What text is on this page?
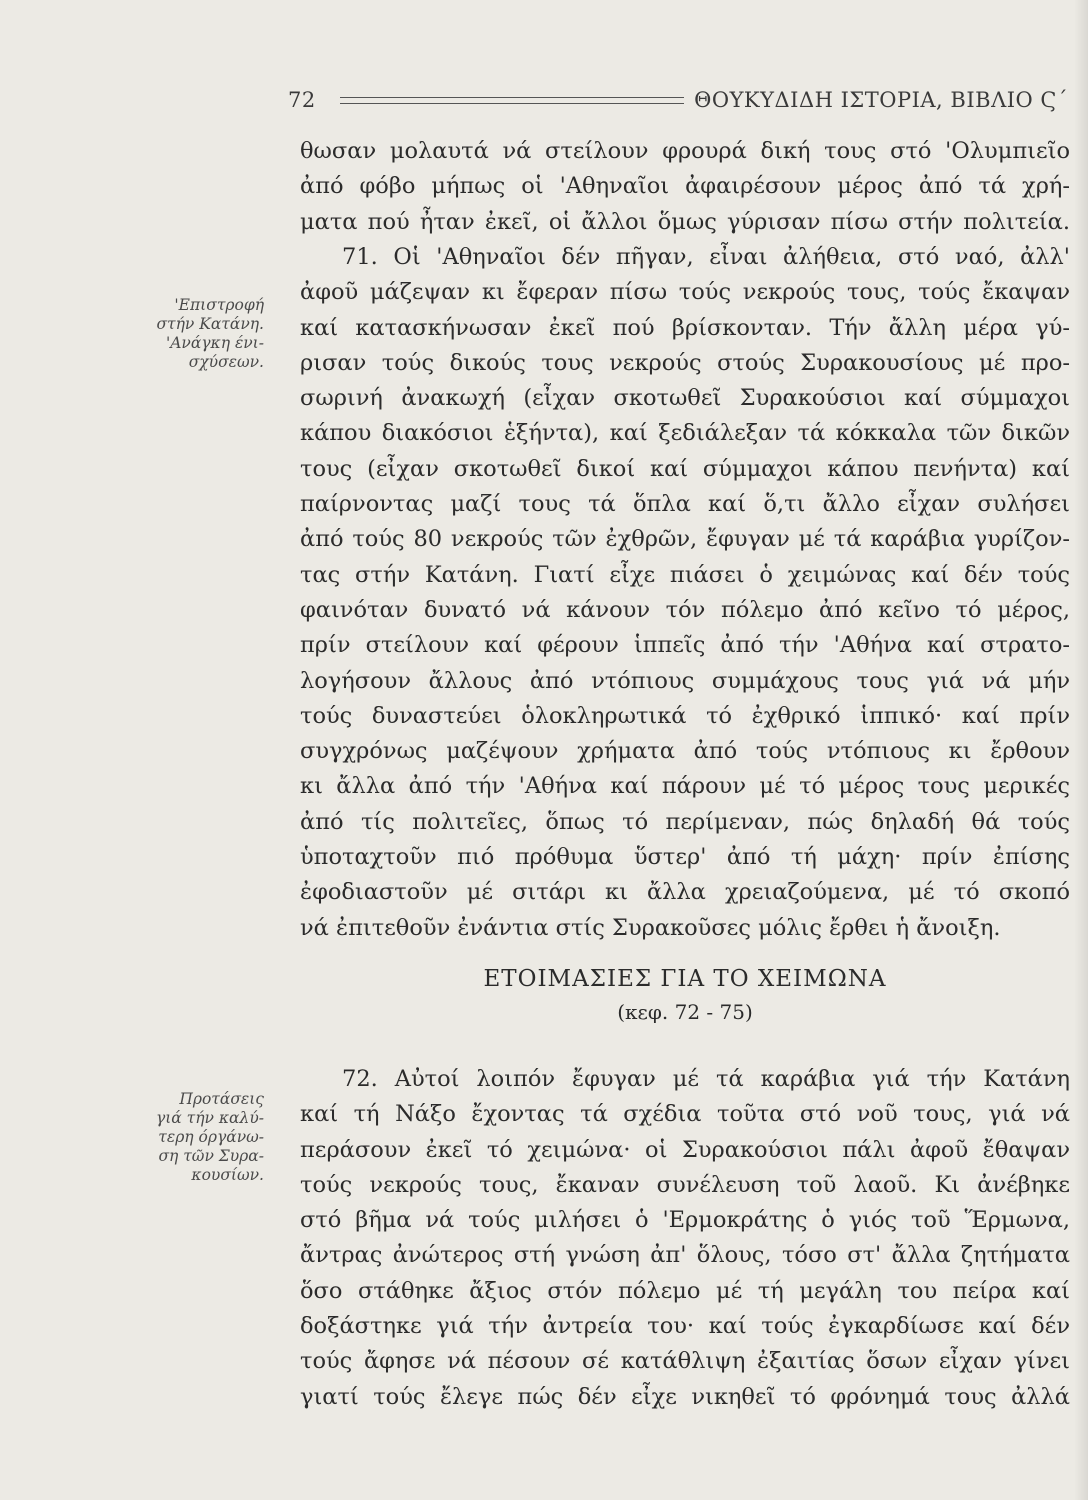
72	ΘΟΥΚΥΔΙΔΗ ΙΣΤΟΡΙΑ, ΒΙΒΛΙΟ Ϛ΄
'Επιστροφή
στήν Κατάνη.
'Ανάγκη ένι-
σχύσεων.
Προτάσεις
γιά τήν καλύ-
τερη όργάνω-
ση τῶν Συρα-
κουσίων.
θωσαν μολαυτά νά στείλουν φρουρά δική τους στό 'Ολυμπιεῖο
ἀπό φόβο μήπως οἱ 'Αθηναῖοι ἀφαιρέσουν μέρος ἀπό τά χρή-
ματα πού ἦταν ἐκεῖ, οἱ ἄλλοι ὅμως γύρισαν πίσω στήν πολιτεία.
71. Οἱ 'Αθηναῖοι δέν πῆγαν, εἶναι ἀλήθεια, στό ναό, ἀλλ'
ἀφοῦ μάζεψαν κι ἔφεραν πίσω τούς νεκρούς τους, τούς ἔκαψαν
καί κατασκήνωσαν ἐκεῖ πού βρίσκονταν. Τήν ἄλλη μέρα γύ-
ρισαν τούς δικούς τους νεκρούς στούς Συρακουσίους μέ προ-
σωρινή ἀνακωχή (εἶχαν σκοτωθεῖ Συρακούσιοι καί σύμμαχοι
κάπου διακόσιοι ἑξήντα), καί ξεδιάλεξαν τά κόκκαλα τῶν δικῶν
τους (εἶχαν σκοτωθεῖ δικοί καί σύμμαχοι κάπου πενήντα) καί
παίρνοντας μαζί τους τά ὅπλα καί ὅ,τι ἄλλο εἶχαν συλήσει
ἀπό τούς 80 νεκρούς τῶν ἐχθρῶν, ἔφυγαν μέ τά καράβια γυρίζον-
τας στήν Κατάνη. Γιατί εἶχε πιάσει ὁ χειμώνας καί δέν τούς
φαινόταν δυνατό νά κάνουν τόν πόλεμο ἀπό κεῖνο τό μέρος,
πρίν στείλουν καί φέρουν ἱππεῖς ἀπό τήν 'Αθήνα καί στρατο-
λογήσουν ἄλλους ἀπό ντόπιους συμμάχους τους γιά νά μήν
τούς δυναστεύει ὁλοκληρωτικά τό ἐχθρικό ἱππικό· καί πρίν
συγχρόνως μαζέψουν χρήματα ἀπό τούς ντόπιους κι ἔρθουν
κι ἄλλα ἀπό τήν 'Αθήνα καί πάρουν μέ τό μέρος τους μερικές
ἀπό τίς πολιτεῖες, ὅπως τό περίμεναν, πώς δηλαδή θά τούς
ὑποταχτοῦν πιό πρόθυμα ὕστερ' ἀπό τή μάχη· πρίν ἐπίσης
ἐφοδιαστοῦν μέ σιτάρι κι ἄλλα χρειαζούμενα, μέ τό σκοπό
νά ἐπιτεθοῦν ἐνάντια στίς Συρακοῦσες μόλις ἔρθει ἡ ἄνοιξη.
ΕΤΟΙΜΑΣΙΕΣ ΓΙΑ ΤΟ ΧΕΙΜΩΝΑ
(κεφ. 72 - 75)
72. Αὐτοί λοιπόν ἔφυγαν μέ τά καράβια γιά τήν Κατάνη
καί τή Νάξο ἔχοντας τά σχέδια τοῦτα στό νοῦ τους, γιά νά
περάσουν ἐκεῖ τό χειμώνα· οἱ Συρακούσιοι πάλι ἀφοῦ ἔθαψαν
τούς νεκρούς τους, ἔκαναν συνέλευση τοῦ λαοῦ. Κι ἀνέβηκε
στό βῆμα νά τούς μιλήσει ὁ 'Ερμοκράτης ὁ γιός τοῦ Ἕρμωνα,
ἄντρας ἀνώτερος στή γνώση ἀπ' ὅλους, τόσο στ' ἄλλα ζητήματα
ὅσο στάθηκε ἄξιος στόν πόλεμο μέ τή μεγάλη του πείρα καί
δοξάστηκε γιά τήν ἀντρεία του· καί τούς ἐγκαρδίωσε καί δέν
τούς ἄφησε νά πέσουν σέ κατάθλιψη ἐξαιτίας ὅσων εἶχαν γίνει
γιατί τούς ἔλεγε πώς δέν εἶχε νικηθεῖ τό φρόνημά τους ἀλλά
